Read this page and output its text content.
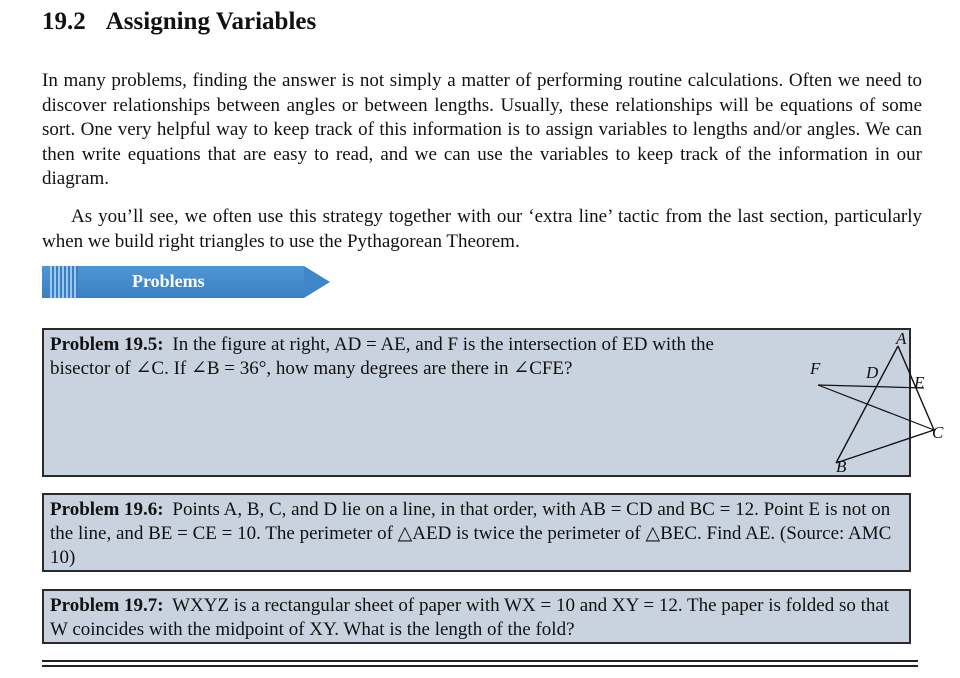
19.2 Assigning Variables

In many problems, finding the answer is not simply a matter of performing routine calculations. Often we need to discover relationships between angles or between lengths. Usually, these relationships will be equations of some sort. One very helpful way to keep track of this information is to assign variables to lengths and/or angles. We can then write equations that are easy to read, and we can use the variables to keep track of the information in our diagram.

As you’ll see, we often use this strategy together with our ‘extra line’ tactic from the last section, particularly when we build right triangles to use the Pythagorean Theorem.

Problems
Problem 19.5: In the figure at right, AD = AE, and F is the intersection of ED with the bisector of ∠C. If ∠B = 36°, how many degrees are there in ∠CFE?
A
F	D
E
C
B
Problem 19.6: Points A, B, C, and D lie on a line, in that order, with AB = CD and BC = 12. Point E is not on the line, and BE = CE = 10. The perimeter of △AED is twice the perimeter of △BEC. Find AE. (Source: AMC 10)
Problem 19.7: WXYZ is a rectangular sheet of paper with WX = 10 and XY = 12. The paper is folded so that W coincides with the midpoint of XY. What is the length of the fold?
